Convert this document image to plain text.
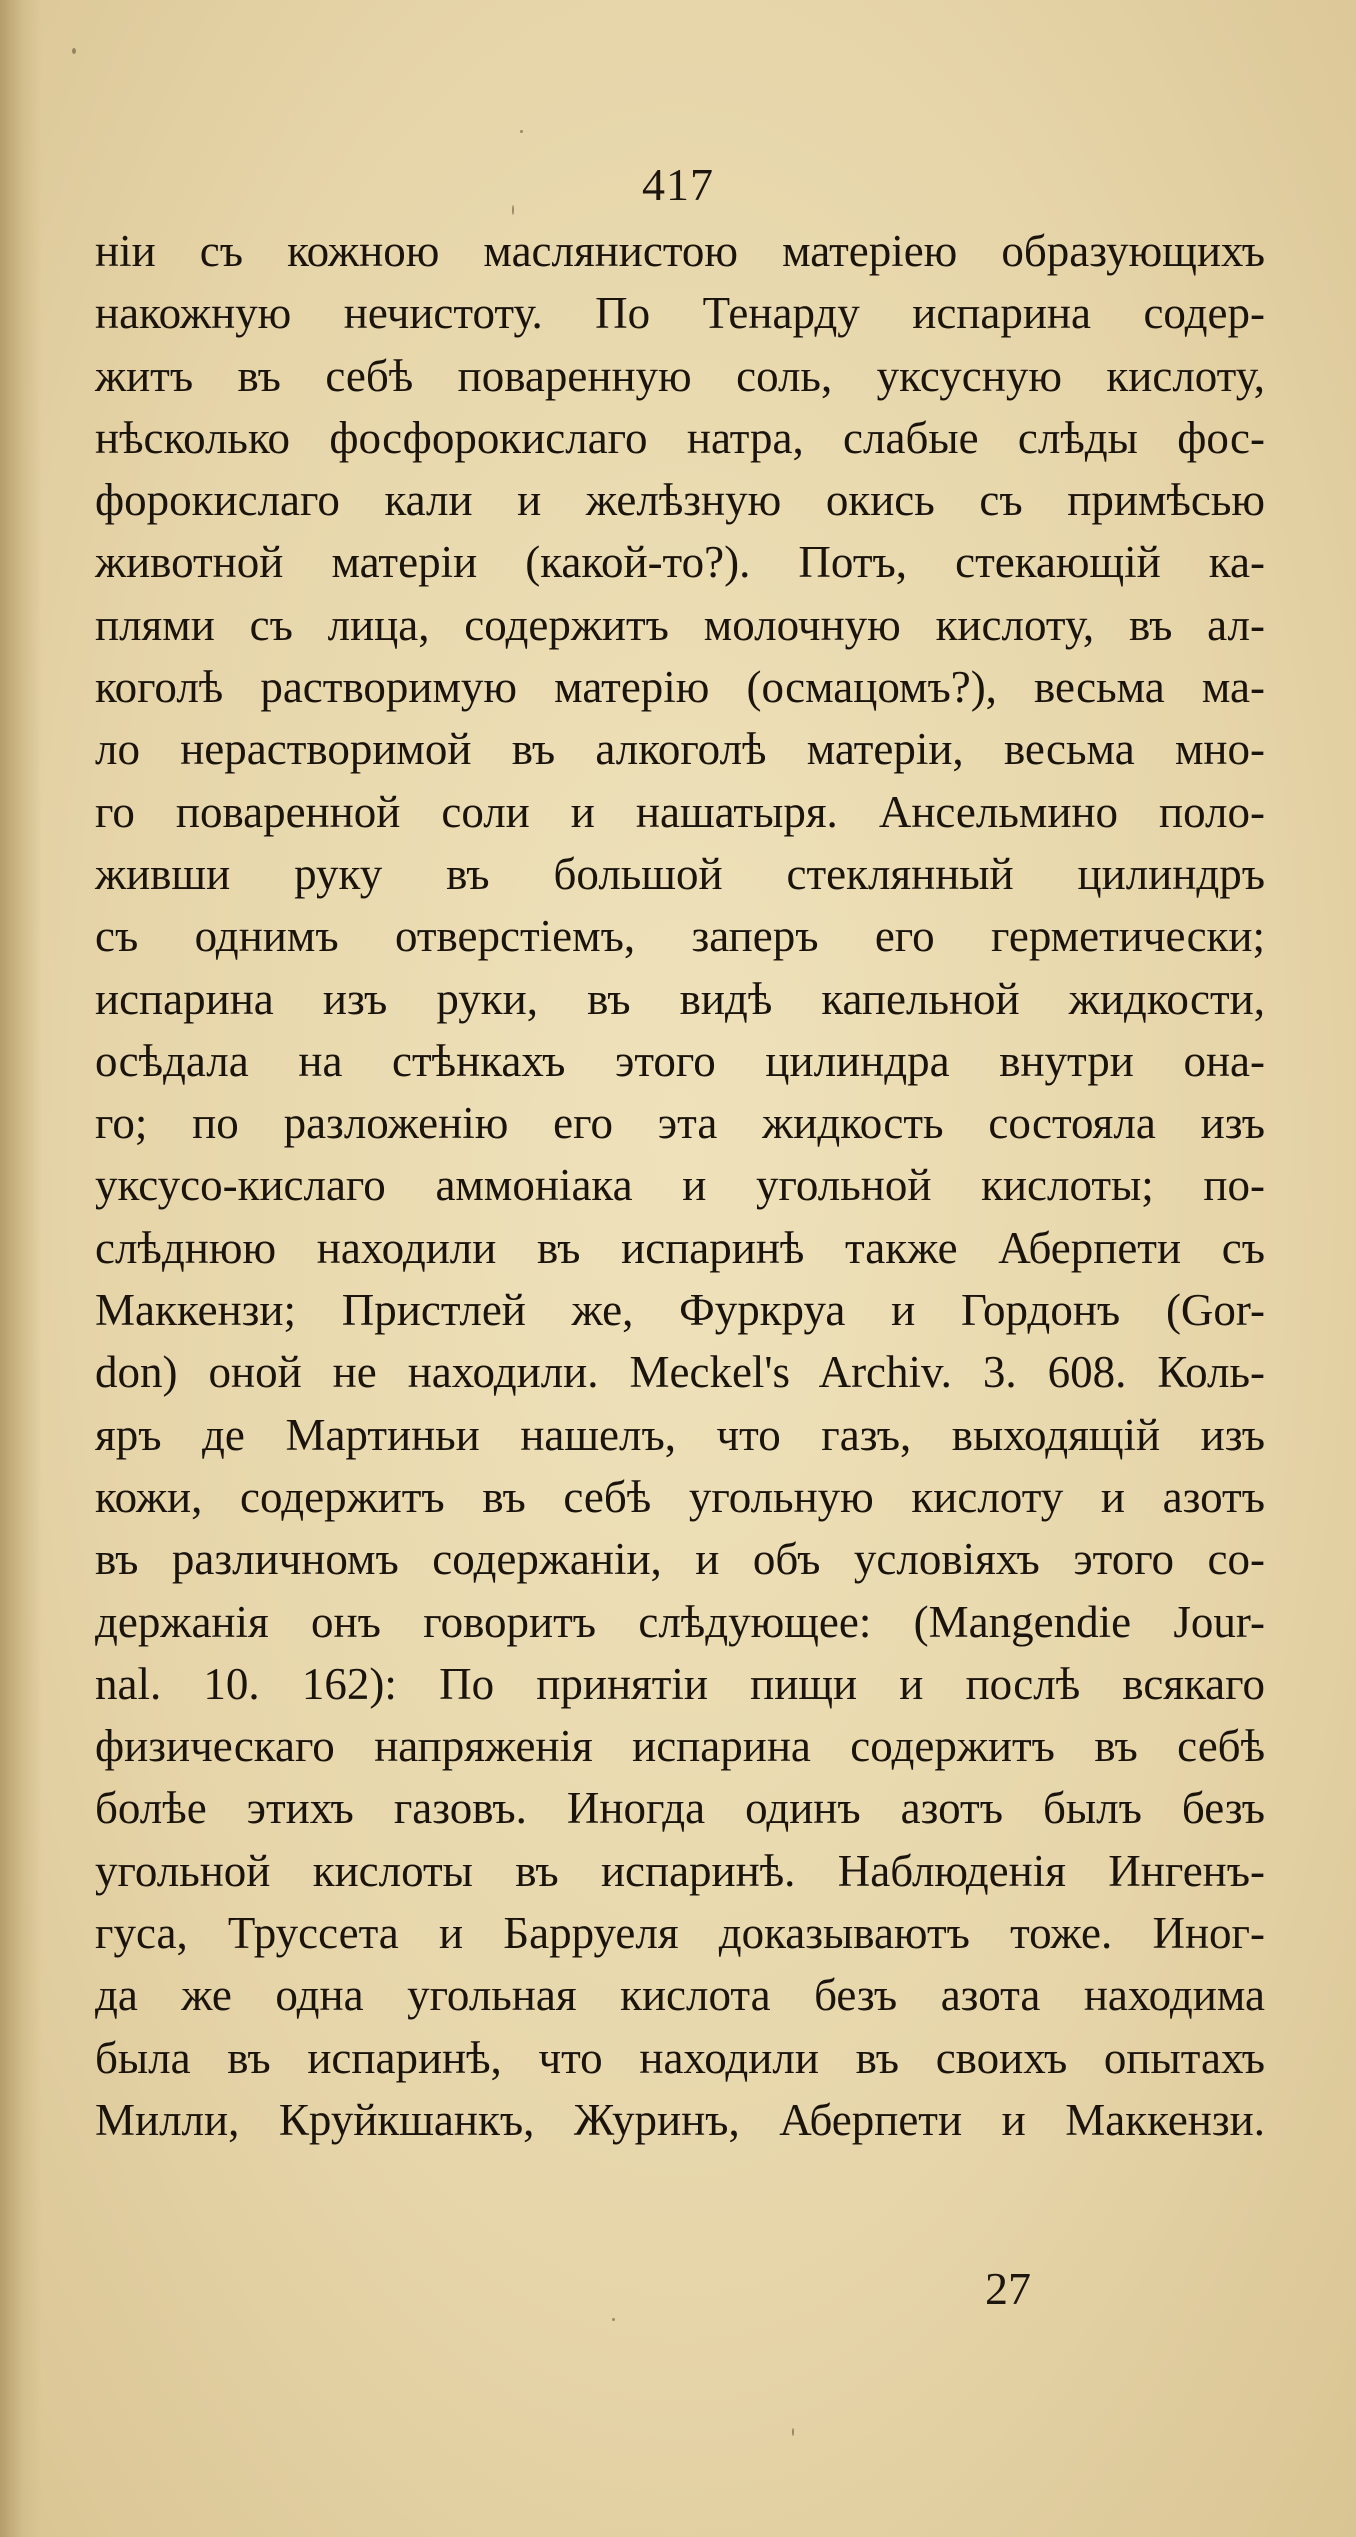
417
нiи съ кожною маслянистою матерiею образующихъ
накожную нечистоту. По Тенарду испарина содер-
житъ въ себѣ поваренную соль, уксусную кислоту,
нѣсколько фосфорокислаго натра, слабые слѣды фос-
форокислаго кали и желѣзную окись съ примѣсью
животной матерiи (какой-то?). Потъ, стекающiй ка-
плями съ лица, содержитъ молочную кислоту, въ ал-
коголѣ растворимую матерiю (осмацомъ?), весьма ма-
ло нерастворимой въ алкоголѣ матерiи, весьма мно-
го поваренной соли и нашатыря. Ансельмино поло-
живши руку въ большой стеклянный цилиндръ
съ однимъ отверстiемъ, заперъ его герметически;
испарина изъ руки, въ видѣ капельной жидкости,
осѣдала на стѣнкахъ этого цилиндра внутри она-
го; по разложенiю его эта жидкость состояла изъ
уксусо-кислаго аммонiака и угольной кислоты; по-
слѣднюю находили въ испаринѣ также Аберпети съ
Маккензи; Пристлей же, Фуркруа и Гордонъ (Gor-
don) оной не находили. Meckel's Archiv. 3. 608. Коль-
яръ де Мартиньи нашелъ, что газъ, выходящiй изъ
кожи, содержитъ въ себѣ угольную кислоту и азотъ
въ различномъ содержанiи, и объ условiяхъ этого со-
держанiя онъ говоритъ слѣдующее: (Mangendie Jour-
nal. 10. 162): По принятiи пищи и послѣ всякаго
физическаго напряженiя испарина содержитъ въ себѣ
болѣе этихъ газовъ. Иногда одинъ азотъ былъ безъ
угольной кислоты въ испаринѣ. Наблюденiя Ингенъ-
гуса, Труссета и Барруеля доказываютъ тоже. Иног-
да же одна угольная кислота безъ азота находима
была въ испаринѣ, что находили въ своихъ опытахъ
Милли, Круйкшанкъ, Журинъ, Аберпети и Маккензи.
27
